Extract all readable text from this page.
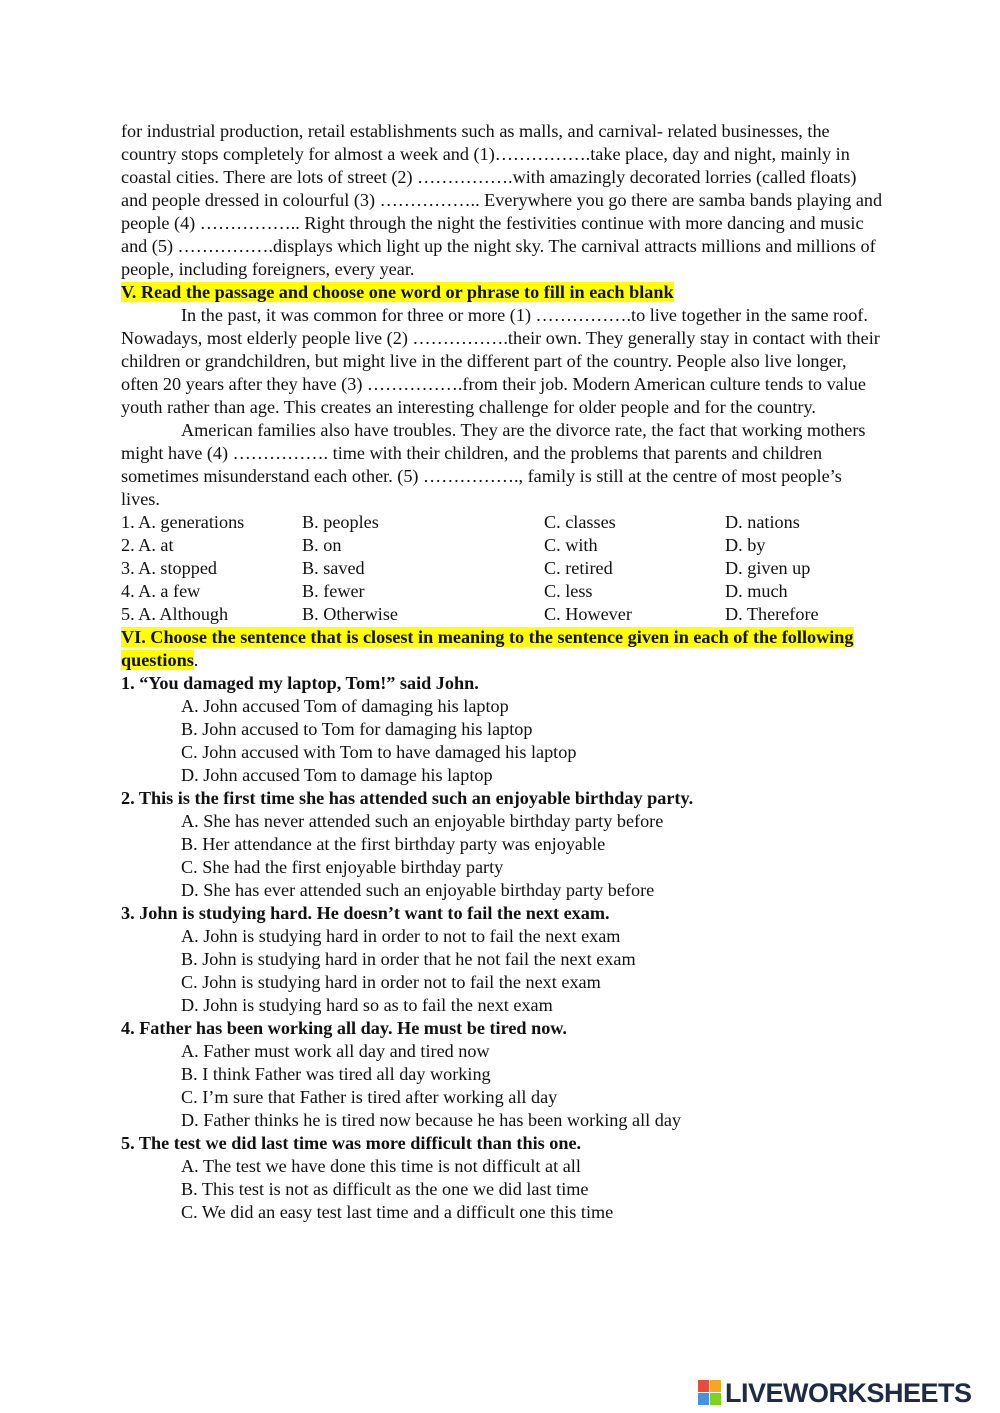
for industrial production, retail establishments such as malls, and carnival- related businesses, the country stops completely for almost a week and (1)…………….take place, day and night, mainly in coastal cities. There are lots of street (2) …………….with amazingly decorated lorries (called floats) and people dressed in colourful (3) …………….. Everywhere you go there are samba bands playing and people (4) …………….. Right through the night the festivities continue with more dancing and music and (5) …………….displays which light up the night sky. The carnival attracts millions and millions of people, including foreigners, every year.

V. Read the passage and choose one word or phrase to fill in each blank

In the past, it was common for three or more (1) …………….to live together in the same roof. Nowadays, most elderly people live (2) …………….their own. They generally stay in contact with their children or grandchildren, but might live in the different part of the country. People also live longer, often 20 years after they have (3) …………….from their job. Modern American culture tends to value youth rather than age. This creates an interesting challenge for older people and for the country.

American families also have troubles. They are the divorce rate, the fact that working mothers might have (4) ……………. time with their children, and the problems that parents and children sometimes misunderstand each other. (5) ……………., family is still at the centre of most people’s lives.

1. A. generations	B. peoples	C. classes	D. nations
2. A. at	B. on	C. with	D. by
3. A. stopped	B. saved	C. retired	D. given up
4. A. a few	B. fewer	C. less	D. much
5. A. Although	B. Otherwise	C. However	D. Therefore

VI. Choose the sentence that is closest in meaning to the sentence given in each of the following questions.

1. “You damaged my laptop, Tom!” said John.

A. John accused Tom of damaging his laptop

B. John accused to Tom for damaging his laptop

C. John accused with Tom to have damaged his laptop

D. John accused Tom to damage his laptop

2. This is the first time she has attended such an enjoyable birthday party.

A. She has never attended such an enjoyable birthday party before

B. Her attendance at the first birthday party was enjoyable

C. She had the first enjoyable birthday party

D. She has ever attended such an enjoyable birthday party before

3. John is studying hard. He doesn’t want to fail the next exam.

A. John is studying hard in order to not to fail the next exam

B. John is studying hard in order that he not fail the next exam

C. John is studying hard in order not to fail the next exam

D. John is studying hard so as to fail the next exam

4. Father has been working all day. He must be tired now.

A. Father must work all day and tired now

B. I think Father was tired all day working

C. I’m sure that Father is tired after working all day

D. Father thinks he is tired now because he has been working all day

5. The test we did last time was more difficult than this one.

A. The test we have done this time is not difficult at all

B. This test is not as difficult as the one we did last time

C. We did an easy test last time and a difficult one this time

LIVEWORKSHEETS
